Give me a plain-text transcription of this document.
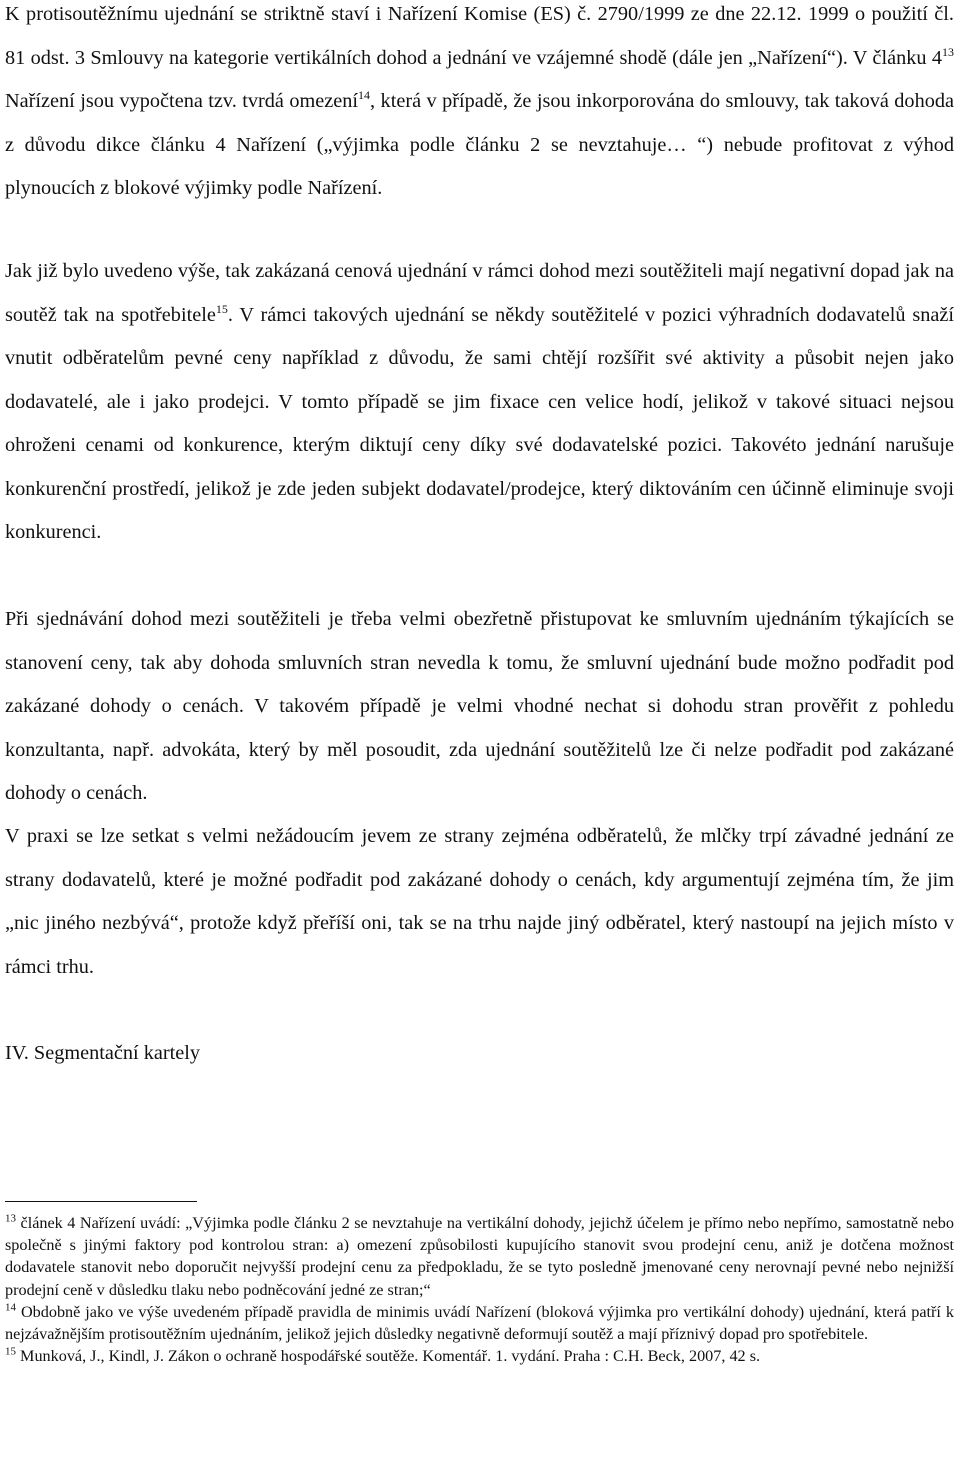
K protisoutěžnímu ujednání se striktně staví i Nařízení Komise (ES) č. 2790/1999 ze dne 22.12. 1999 o použití čl. 81 odst. 3 Smlouvy na kategorie vertikálních dohod a jednání ve vzájemné shodě (dále jen „Nařízení“). V článku $4^{13}$ Nařízení jsou vypočtena tzv. tvrdá omezení$^{14}$, která v případě, že jsou inkorporována do smlouvy, tak taková dohoda z důvodu dikce článku 4 Nařízení („výjimka podle článku 2 se nevztahuje… “) nebude profitovat z výhod plynoucích z blokové výjimky podle Nařízení.

Jak již bylo uvedeno výše, tak zakázaná cenová ujednání v rámci dohod mezi soutěžiteli mají negativní dopad jak na soutěž tak na spotřebitele$^{15}$. V rámci takových ujednání se někdy soutěžitelé v pozici výhradních dodavatelů snaží vnutit odběratelům pevné ceny například z důvodu, že sami chtějí rozšířit své aktivity a působit nejen jako dodavatelé, ale i jako prodejci. V tomto případě se jim fixace cen velice hodí, jelikož v takové situaci nejsou ohroženi cenami od konkurence, kterým diktují ceny díky své dodavatelské pozici. Takovéto jednání narušuje konkurenční prostředí, jelikož je zde jeden subjekt dodavatel/prodejce, který diktováním cen účinně eliminuje svoji konkurenci.

Při sjednávání dohod mezi soutěžiteli je třeba velmi obezřetně přistupovat ke smluvním ujednáním týkajících se stanovení ceny, tak aby dohoda smluvních stran nevedla k tomu, že smluvní ujednání bude možno podřadit pod zakázané dohody o cenách. V takovém případě je velmi vhodné nechat si dohodu stran prověřit z pohledu konzultanta, např. advokáta, který by měl posoudit, zda ujednání soutěžitelů lze či nelze podřadit pod zakázané dohody o cenách.

V praxi se lze setkat s velmi nežádoucím jevem ze strany zejména odběratelů, že mlčky trpí závadné jednání ze strany dodavatelů, které je možné podřadit pod zakázané dohody o cenách, kdy argumentují zejména tím, že jim „nic jiného nezbývá“, protože když přeříší oni, tak se na trhu najde jiný odběratel, který nastoupí na jejich místo v rámci trhu.

IV. Segmentační kartely

$^{13}$ článek 4 Nařízení uvádí: „Výjimka podle článku 2 se nevztahuje na vertikální dohody, jejichž účelem je přímo nebo nepřímo, samostatně nebo společně s jinými faktory pod kontrolou stran: a) omezení způsobilosti kupujícího stanovit svou prodejní cenu, aniž je dotčena možnost dodavatele stanovit nebo doporučit nejvyšší prodejní cenu za předpokladu, že se tyto posledně jmenované ceny nerovnají pevné nebo nejnižší prodejní ceně v důsledku tlaku nebo podněcování jedné ze stran;“

$^{14}$ Obdobně jako ve výše uvedeném případě pravidla de minimis uvádí Nařízení (bloková výjimka pro vertikální dohody) ujednání, která patří k nejzávažnějším protisoutěžním ujednáním, jelikož jejich důsledky negativně deformují soutěž a mají příznivý dopad pro spotřebitele.

$^{15}$ Munková, J., Kindl, J. Zákon o ochraně hospodářské soutěže. Komentář. 1. vydání. Praha : C.H. Beck, 2007, 42 s.
